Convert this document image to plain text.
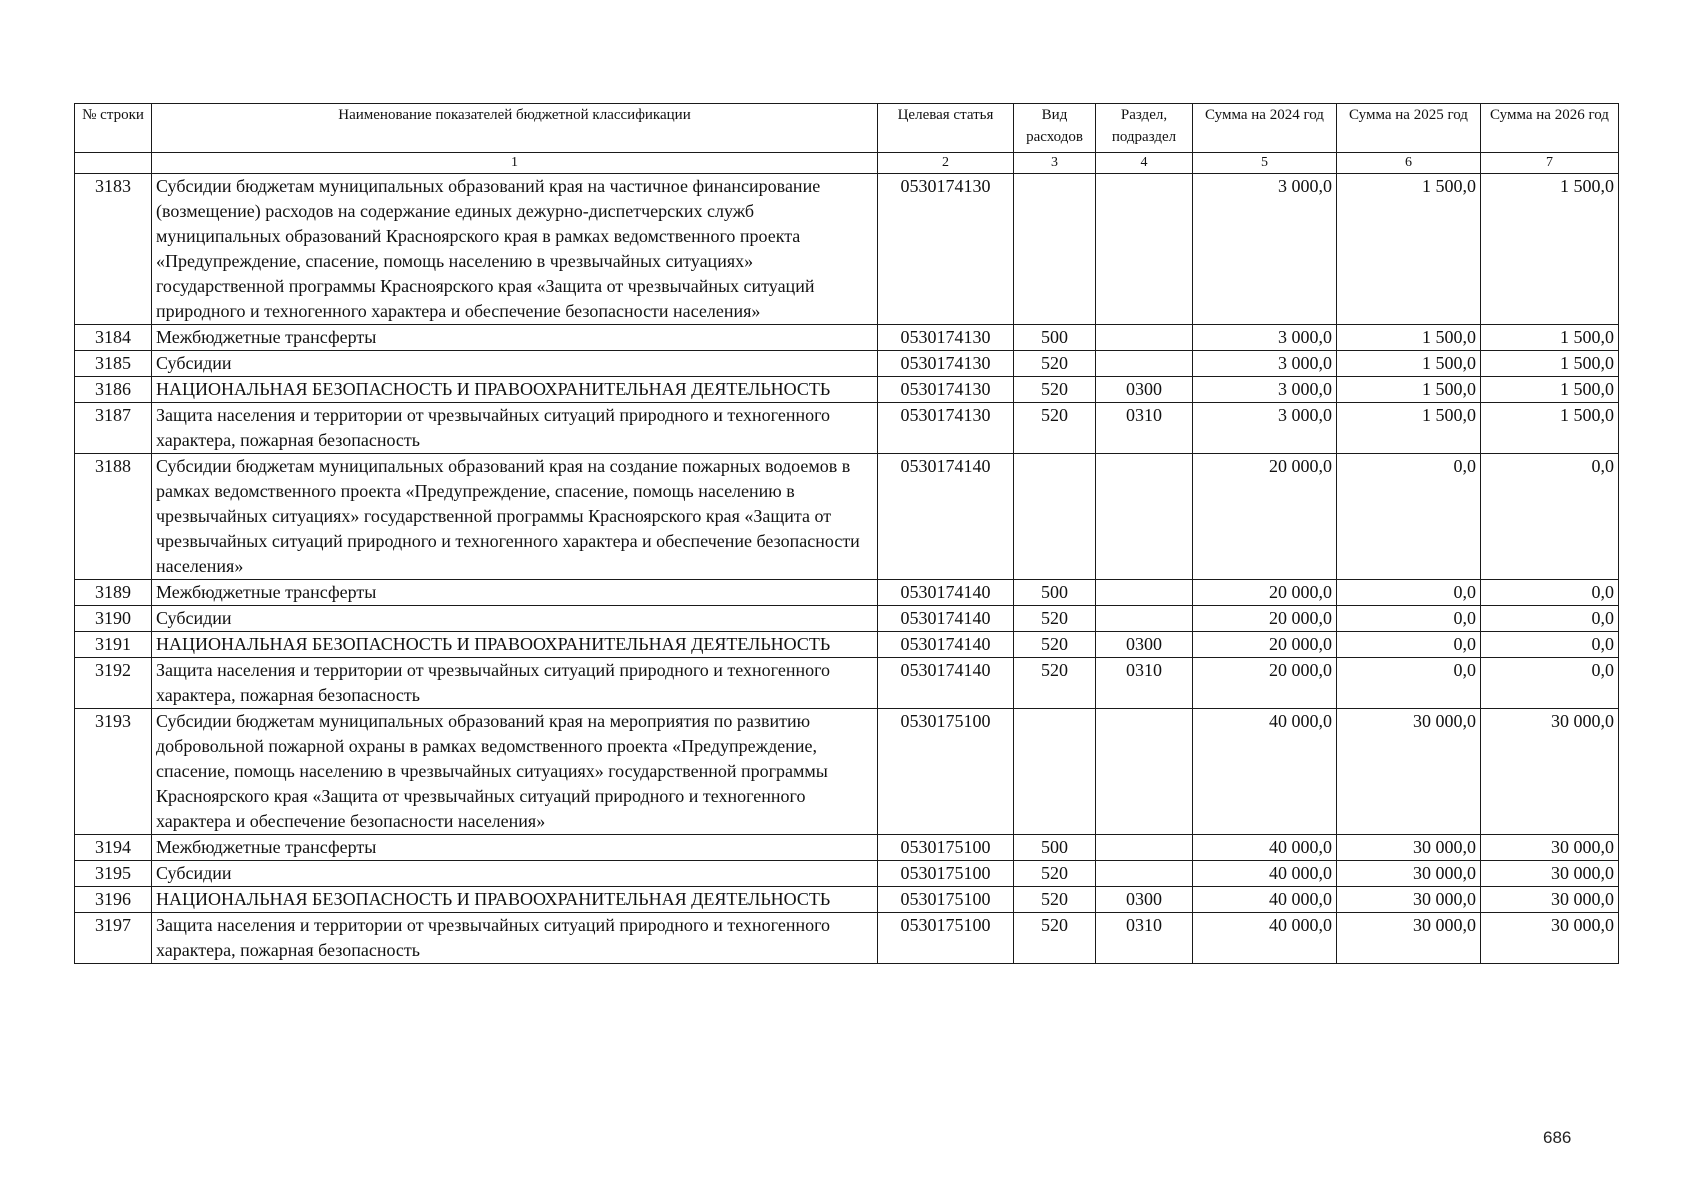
№ строки	Наименование показателей бюджетной классификации	Целевая статья	Вид расходов	Раздел, подраздел	Сумма на 2024 год	Сумма на 2025 год	Сумма на 2026 год
	1	2	3	4	5	6	7
3183	Субсидии бюджетам муниципальных образований края на частичное финансирование (возмещение) расходов на содержание единых дежурно-диспетчерских служб муниципальных образований Красноярского края в рамках ведомственного проекта «Предупреждение, спасение, помощь населению в чрезвычайных ситуациях» государственной программы Красноярского края «Защита от чрезвычайных ситуаций природного и техногенного характера и обеспечение безопасности населения»	0530174130			3 000,0	1 500,0	1 500,0
3184	Межбюджетные трансферты	0530174130	500		3 000,0	1 500,0	1 500,0
3185	Субсидии	0530174130	520		3 000,0	1 500,0	1 500,0
3186	НАЦИОНАЛЬНАЯ БЕЗОПАСНОСТЬ И ПРАВООХРАНИТЕЛЬНАЯ ДЕЯТЕЛЬНОСТЬ	0530174130	520	0300	3 000,0	1 500,0	1 500,0
3187	Защита населения и территории от чрезвычайных ситуаций природного и техногенного характера, пожарная безопасность	0530174130	520	0310	3 000,0	1 500,0	1 500,0
3188	Субсидии бюджетам муниципальных образований края на создание пожарных водоемов в рамках ведомственного проекта «Предупреждение, спасение, помощь населению в чрезвычайных ситуациях» государственной программы Красноярского края «Защита от чрезвычайных ситуаций природного и техногенного характера и обеспечение безопасности населения»	0530174140			20 000,0	0,0	0,0
3189	Межбюджетные трансферты	0530174140	500		20 000,0	0,0	0,0
3190	Субсидии	0530174140	520		20 000,0	0,0	0,0
3191	НАЦИОНАЛЬНАЯ БЕЗОПАСНОСТЬ И ПРАВООХРАНИТЕЛЬНАЯ ДЕЯТЕЛЬНОСТЬ	0530174140	520	0300	20 000,0	0,0	0,0
3192	Защита населения и территории от чрезвычайных ситуаций природного и техногенного характера, пожарная безопасность	0530174140	520	0310	20 000,0	0,0	0,0
3193	Субсидии бюджетам муниципальных образований края на мероприятия по развитию добровольной пожарной охраны в рамках ведомственного проекта «Предупреждение, спасение, помощь населению в чрезвычайных ситуациях» государственной программы Красноярского края «Защита от чрезвычайных ситуаций природного и техногенного характера и обеспечение безопасности населения»	0530175100			40 000,0	30 000,0	30 000,0
3194	Межбюджетные трансферты	0530175100	500		40 000,0	30 000,0	30 000,0
3195	Субсидии	0530175100	520		40 000,0	30 000,0	30 000,0
3196	НАЦИОНАЛЬНАЯ БЕЗОПАСНОСТЬ И ПРАВООХРАНИТЕЛЬНАЯ ДЕЯТЕЛЬНОСТЬ	0530175100	520	0300	40 000,0	30 000,0	30 000,0
3197	Защита населения и территории от чрезвычайных ситуаций природного и техногенного характера, пожарная безопасность	0530175100	520	0310	40 000,0	30 000,0	30 000,0
686
